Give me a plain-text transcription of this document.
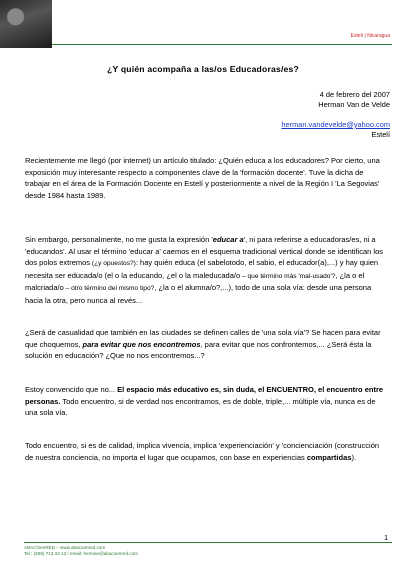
Estelí | Nicaragua
¿Y quién acompaña a las/os Educadoras/es?
4 de febrero del 2007
Herman Van de Velde
herman.vandevelde@yahoo.com
Estelí

Recientemente me llegó (por internet) un artículo titulado: ¿Quién educa a los educadores? Por cierto, una exposición muy interesante respecto a componentes clave de la 'formación docente'. Tuve la dicha de trabajar en el área de la Formación Docente en Estelí y posteriormente a nivel de la Región I 'La Segovias' desde 1984 hasta 1989.

Sin embargo, personalmente, no me gusta la expresión 'educar a', ni para referirse a educadoras/es, ni a 'educandos'. Al usar el término 'educar a' caemos en el esquema tradicional vertical donde se identifican los dos polos extremos (¿y opuestos?): hay quién educa (el sabelotodo, el sabio, el educador(a),...) y hay quien necesita ser educada/o (el o la educando, ¿el o la maleducada/o – que término más 'mal-usado'?, ¿la o el malcriada/o – otro término del mismo tipo?, ¿la o el alumna/o?,...), todo de una sola vía: desde una persona hacia la otra, pero nunca al revés...

¿Será de casualidad que también en las ciudades se definen calles de 'una sola vía'? Se hacen para evitar que choquemos, para evitar que nos encontremos, para evitar que nos confrontemos,... ¿Será ésta la solución en educación? ¿Que no nos encontremos...?

Estoy convencido que no... El espacio más educativo es, sin duda, el ENCUENTRO, el encuentro entre personas. Todo encuentro, si de verdad nos encontramos, es de doble, triple,... múltiple vía, nunca es de una sola vía.

Todo encuentro, si es de calidad, implica vivencia, implica 'experienciación' y 'concienciación (construcción de nuestra conciencia, no importa el lugar que ocupamos, con base en experiencias compartidas).

ABACOenRED – www.abacoenred.com
Tel.: (505) 713 34 13 / email: herman@abacoenred.com
1
